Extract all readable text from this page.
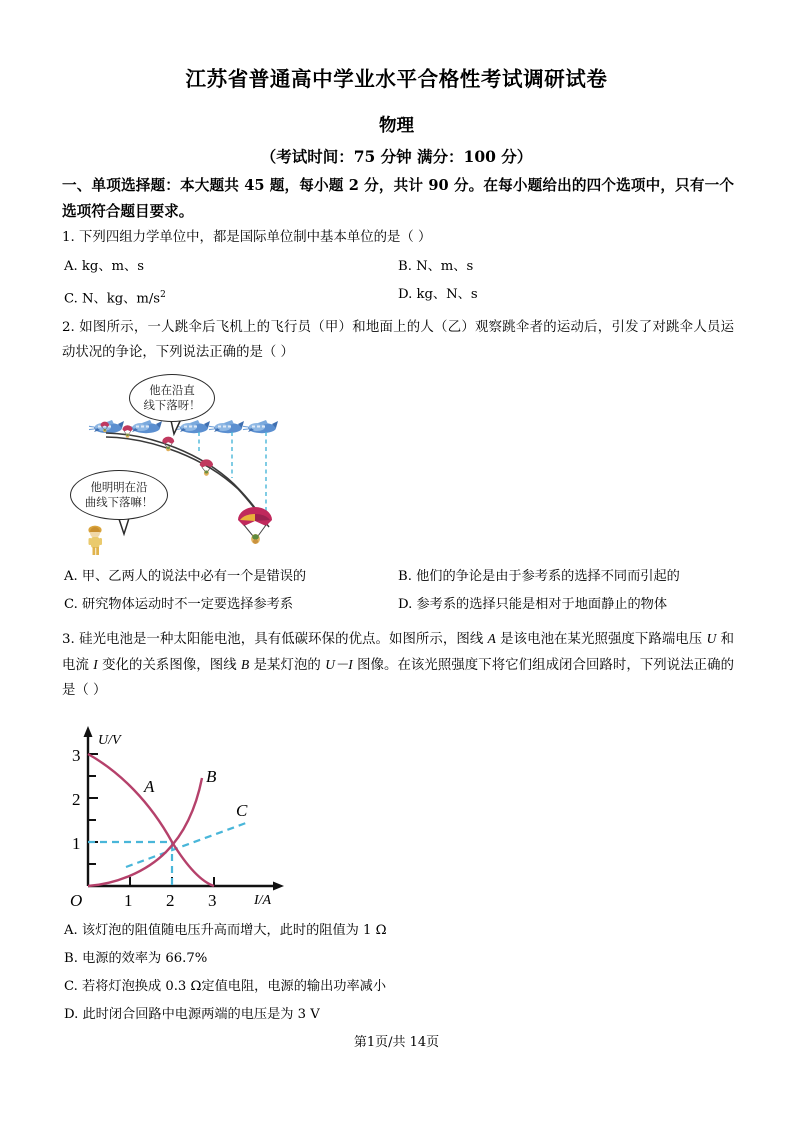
江苏省普通高中学业水平合格性考试调研试卷
物理
（考试时间：75 分钟 满分：100 分）
一、单项选择题：本大题共 45 题，每小题 2 分，共计 90 分。在每小题给出的四个选项中，只有一个选项符合题目要求。
1. 下列四组力学单位中，都是国际单位制中基本单位的是（ ）
A. kg、m、s	B. N、m、s
C. N、kg、$m/s^2$	D. kg、N、s
2. 如图所示，一人跳伞后飞机上的飞行员（甲）和地面上的人（乙）观察跳伞者的运动后，引发了对跳伞人员运动状况的争论，下列说法正确的是（ ）
他在沿直
线下落呀！
他明明在沿
曲线下落嘛！
A. 甲、乙两人的说法中必有一个是错误的	B. 他们的争论是由于参考系的选择不同而引起的
C. 研究物体运动时不一定要选择参考系	D. 参考系的选择只能是相对于地面静止的物体
3. 硅光电池是一种太阳能电池，具有低碳环保的优点。如图所示，图线 A 是该电池在某光照强度下路端电压 U 和电流 I 变化的关系图像，图线 B 是某灯泡的 U－I 图像。在该光照强度下将它们组成闭合回路时，下列说法正确的是（ ）
U/V
I/A
3
2
1
O 1 2 3
A
B
C
A. 该灯泡的阻值随电压升高而增大，此时的阻值为 1 Ω
B. 电源的效率为 66.7%
C. 若将灯泡换成 0.3 Ω定值电阻，电源的输出功率减小
D. 此时闭合回路中电源两端的电压是为 3 V
第1页/共 14页
